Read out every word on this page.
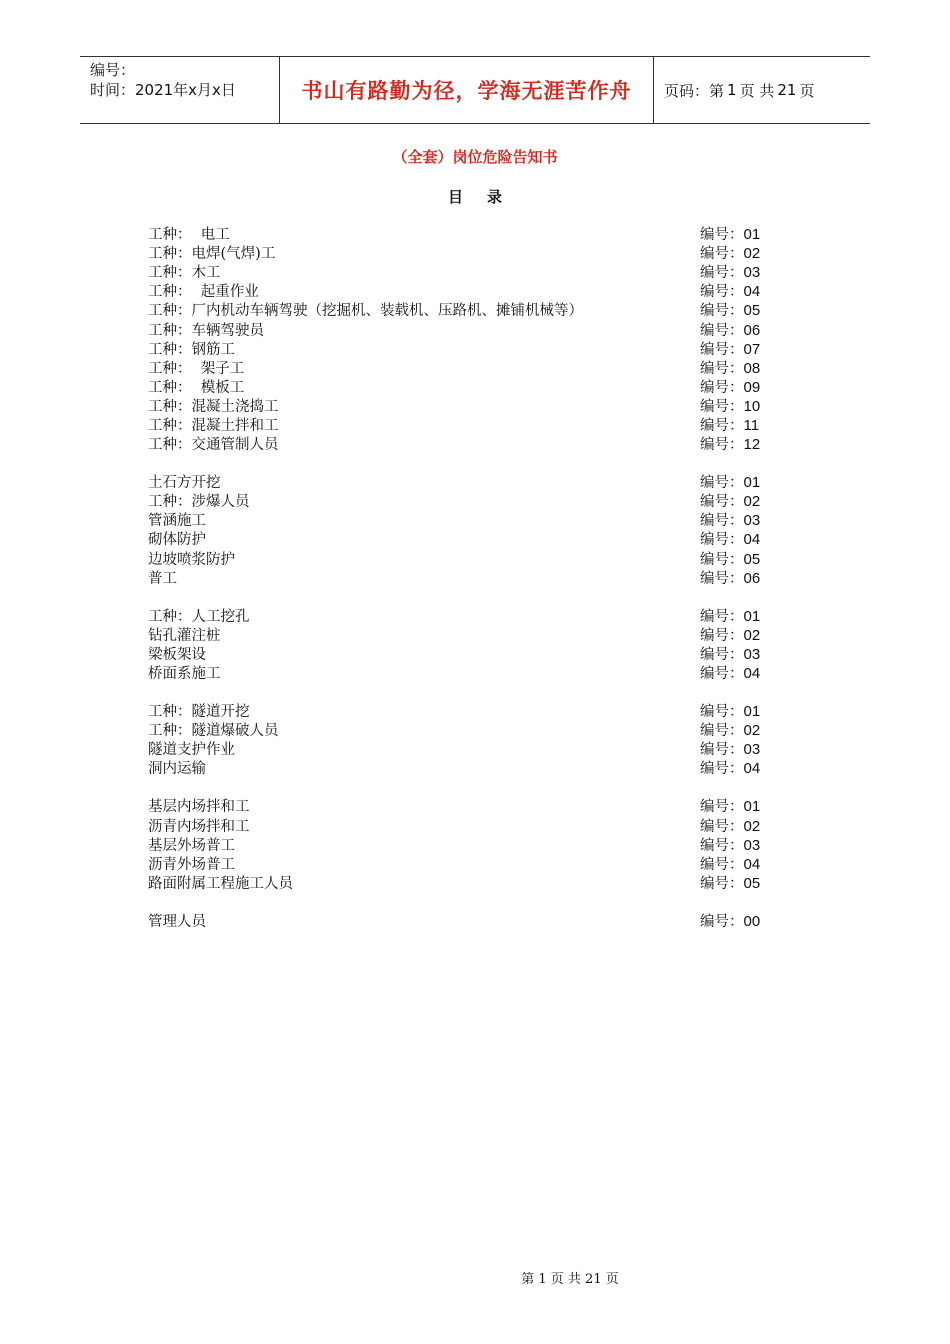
编号：
时间：2021年x月x日	书山有路勤为径，学海无涯苦作舟	页码：第 1 页 共 21 页
（全套）岗位危险告知书
目录
工种：  电工	编号：01
工种：电焊(气焊)工	编号：02
工种：木工	编号：03
工种：  起重作业	编号：04
工种：厂内机动车辆驾驶（挖掘机、装载机、压路机、摊铺机械等）	编号：05
工种：车辆驾驶员	编号：06
工种：钢筋工	编号：07
工种：  架子工	编号：08
工种：  模板工	编号：09
工种：混凝土浇捣工	编号：10
工种：混凝土拌和工	编号：11
工种：交通管制人员	编号：12
土石方开挖	编号：01
工种：涉爆人员	编号：02
管涵施工	编号：03
砌体防护	编号：04
边坡喷浆防护	编号：05
普工	编号：06
工种：人工挖孔	编号：01
钻孔灌注桩	编号：02
梁板架设	编号：03
桥面系施工	编号：04
工种：隧道开挖	编号：01
工种：隧道爆破人员	编号：02
隧道支护作业	编号：03
洞内运输	编号：04
基层内场拌和工	编号：01
沥青内场拌和工	编号：02
基层外场普工	编号：03
沥青外场普工	编号：04
路面附属工程施工人员	编号：05
管理人员	编号：00
第 1 页 共 21 页
